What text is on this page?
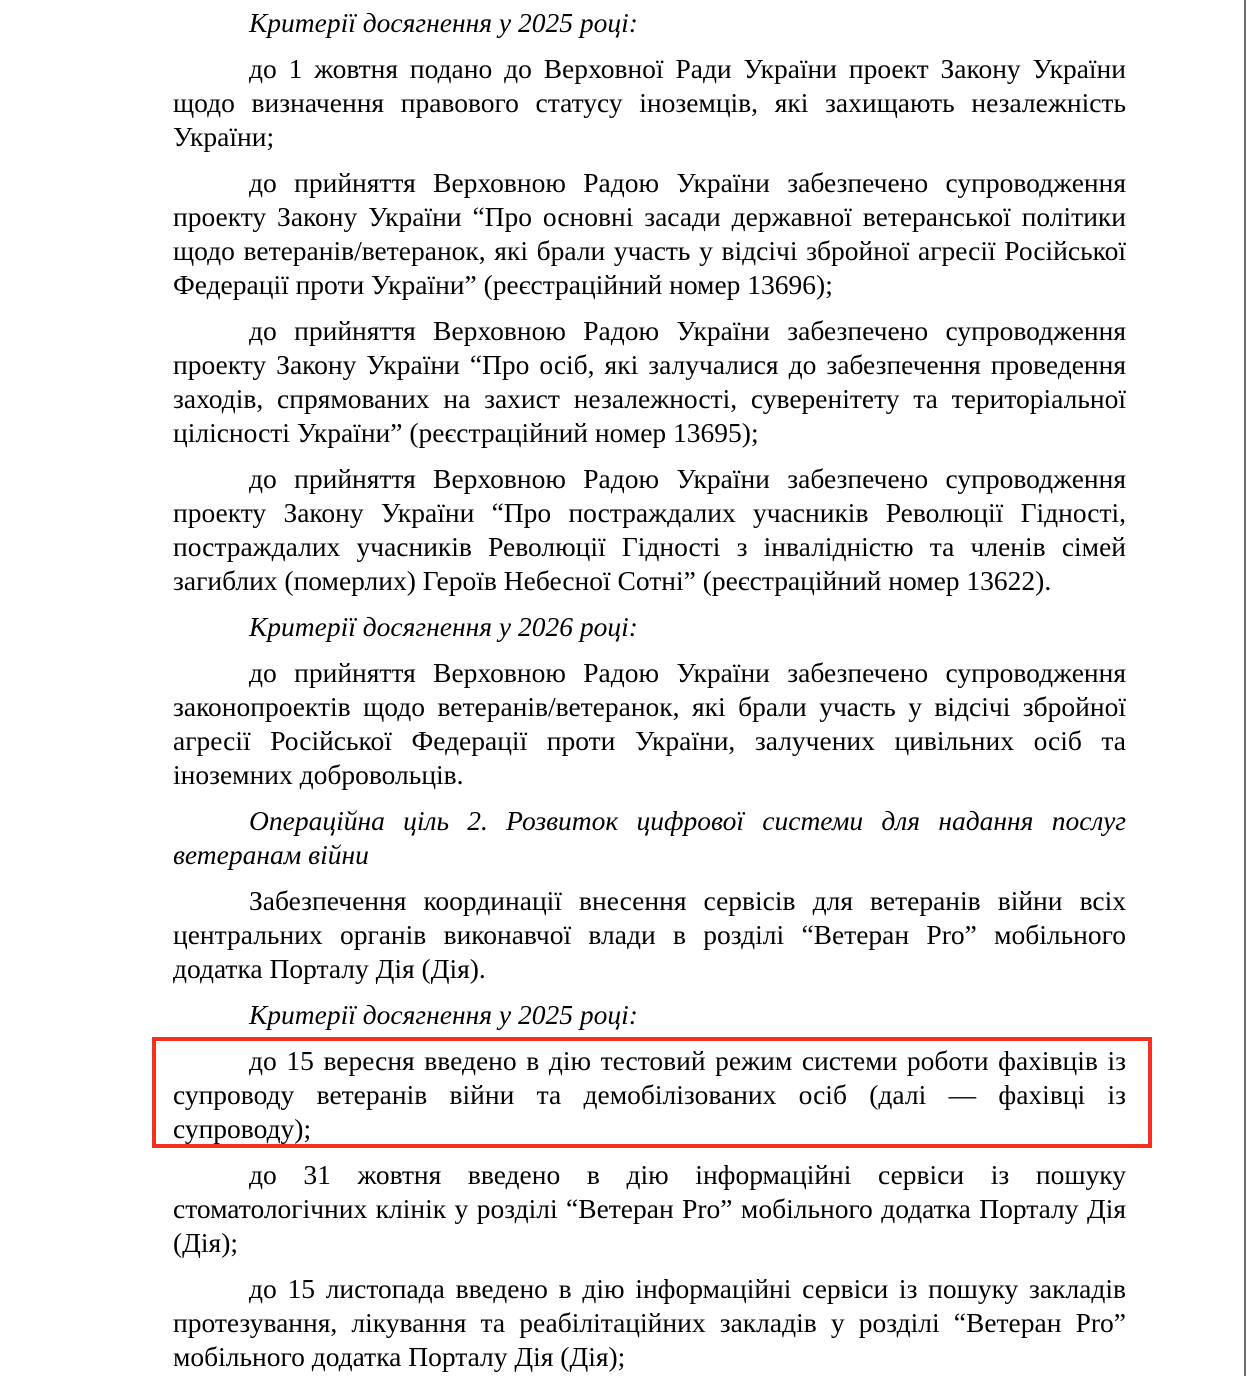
Критерії досягнення у 2025 році:

до 1 жовтня подано до Верховної Ради України проект Закону України щодо визначення правового статусу іноземців, які захищають незалежність України;

до прийняття Верховною Радою України забезпечено супроводження проекту Закону України “Про основні засади державної ветеранської політики щодо ветеранів/ветеранок, які брали участь у відсічі збройної агресії Російської Федерації проти України” (реєстраційний номер 13696);

до прийняття Верховною Радою України забезпечено супроводження проекту Закону України “Про осіб, які залучалися до забезпечення проведення заходів, спрямованих на захист незалежності, суверенітету та територіальної цілісності України” (реєстраційний номер 13695);

до прийняття Верховною Радою України забезпечено супроводження проекту Закону України “Про постраждалих учасників Революції Гідності, постраждалих учасників Революції Гідності з інвалідністю та членів сімей загиблих (померлих) Героїв Небесної Сотні” (реєстраційний номер 13622).

Критерії досягнення у 2026 році:

до прийняття Верховною Радою України забезпечено супроводження законопроектів щодо ветеранів/ветеранок, які брали участь у відсічі збройної агресії Російської Федерації проти України, залучених цивільних осіб та іноземних добровольців.

Операційна ціль 2. Розвиток цифрової системи для надання послуг ветеранам війни

Забезпечення координації внесення сервісів для ветеранів війни всіх центральних органів виконавчої влади в розділі “Ветеран Pro” мобільного додатка Порталу Дія (Дія).

Критерії досягнення у 2025 році:

до 15 вересня введено в дію тестовий режим системи роботи фахівців із супроводу ветеранів війни та демобілізованих осіб (далі — фахівці із супроводу);

до 31 жовтня введено в дію інформаційні сервіси із пошуку стоматологічних клінік у розділі “Ветеран Pro” мобільного додатка Порталу Дія (Дія);

до 15 листопада введено в дію інформаційні сервіси із пошуку закладів протезування, лікування та реабілітаційних закладів у розділі “Ветеран Pro” мобільного додатка Порталу Дія (Дія);
